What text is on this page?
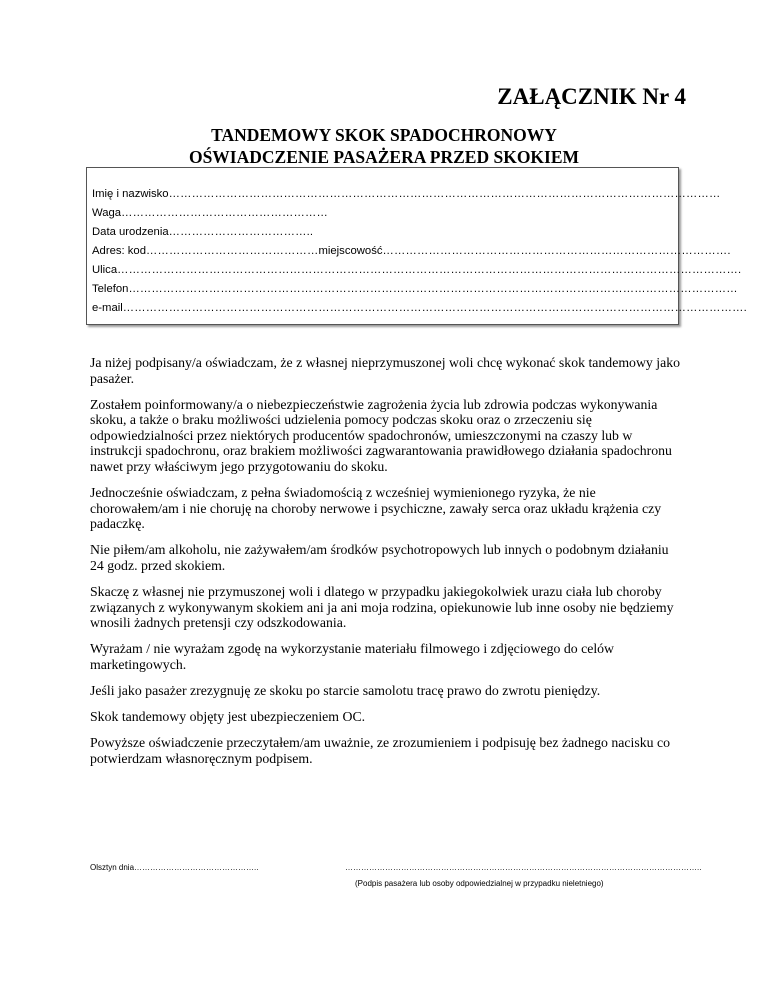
ZAŁĄCZNIK Nr 4
TANDEMOWY SKOK SPADOCHRONOWY
OŚWIADCZENIE PASAŻERA PRZED SKOKIEM
Imię i nazwisko ………………………………………………………………………………………………………………………………
Waga ………………………………………………
Data urodzenia ………………………………..
Adres: kod ……………………………………… miejscowość ……………………………………………………………………………….
Ulica ……………………………………………………………………………………………………………………………………………….
Telefon ……………………………………………………………………………………………………………………………………………
e-mail ……………………………………………………………………………………………………………………………………………….

Ja niżej podpisany/a oświadczam, że z własnej nieprzymuszonej woli chcę wykonać skok tandemowy jako pasażer.

Zostałem poinformowany/a o niebezpieczeństwie zagrożenia życia lub zdrowia podczas wykonywania skoku, a także o braku możliwości udzielenia pomocy podczas skoku oraz o zrzeczeniu się odpowiedzialności przez niektórych producentów spadochronów, umieszczonymi na czaszy lub w instrukcji spadochronu, oraz brakiem możliwości zagwarantowania prawidłowego działania spadochronu nawet przy właściwym jego przygotowaniu do skoku.

Jednocześnie oświadczam, z pełna świadomością z wcześniej wymienionego ryzyka, że nie chorowałem/am i nie choruję na choroby nerwowe i psychiczne, zawały serca oraz układu krążenia czy padaczkę.

Nie piłem/am alkoholu, nie zażywałem/am środków psychotropowych lub innych o podobnym działaniu 24 godz. przed skokiem.

Skaczę z własnej nie przymuszonej woli i dlatego w przypadku jakiegokolwiek urazu ciała lub choroby związanych z wykonywanym skokiem ani ja ani moja rodzina, opiekunowie lub inne osoby nie będziemy wnosili żadnych pretensji czy odszkodowania.

Wyrażam / nie wyrażam zgodę na wykorzystanie materiału filmowego i zdjęciowego do celów marketingowych.

Jeśli jako pasażer zrezygnuję ze skoku po starcie samolotu tracę prawo do zwrotu pieniędzy.

Skok tandemowy objęty jest ubezpieczeniem OC.

Powyższe oświadczenie przeczytałem/am uważnie, ze zrozumieniem i podpisuję bez żadnego nacisku co potwierdzam własnoręcznym podpisem.

Olsztyn dnia………………………………………..	……………………………………………………………………………………………………………………..
(Podpis pasażera lub osoby odpowiedzialnej w przypadku nieletniego)
